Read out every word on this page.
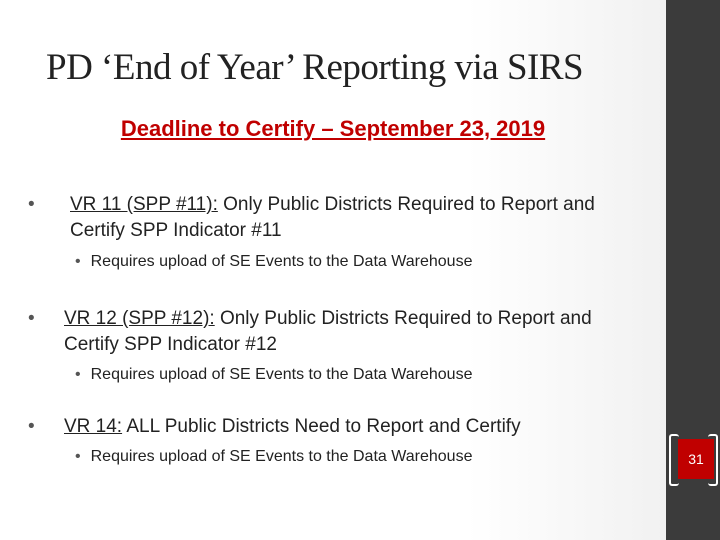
PD ‘End of Year’ Reporting via SIRS
Deadline to Certify – September 23, 2019
•	VR 11 (SPP #11): Only Public Districts Required to Report and Certify SPP Indicator #11
• Requires upload of SE Events to the Data Warehouse
•	VR 12 (SPP #12): Only Public Districts Required to Report and Certify SPP Indicator #12
• Requires upload of SE Events to the Data Warehouse
•	VR 14: ALL Public Districts Need to Report and Certify
• Requires upload of SE Events to the Data Warehouse	31
